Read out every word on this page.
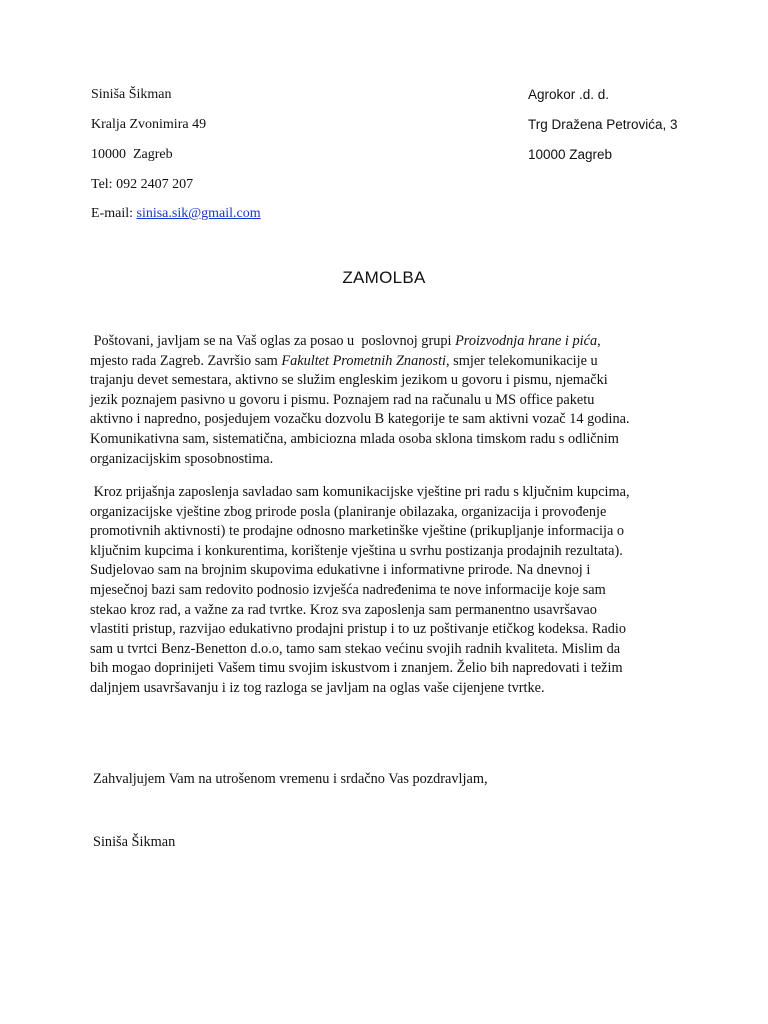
Siniša Šikman
Kralja Zvonimira 49
10000  Zagreb
Tel: 092 2407 207
E-mail: sinisa.sik@gmail.com
Agrokor .d. d.
Trg Dražena Petrovića, 3
10000 Zagreb
ZAMOLBA

Poštovani, javljam se na Vaš oglas za posao u  poslovnoj grupi Proizvodnja hrane i pića,
mjesto rada Zagreb. Završio sam Fakultet Prometnih Znanosti, smjer telekomunikacije u
trajanju devet semestara, aktivno se služim engleskim jezikom u govoru i pismu, njemački
jezik poznajem pasivno u govoru i pismu. Poznajem rad na računalu u MS office paketu
aktivno i napredno, posjedujem vozačku dozvolu B kategorije te sam aktivni vozač 14 godina.
Komunikativna sam, sistematična, ambiciozna mlada osoba sklona timskom radu s odličnim
organizacijskim sposobnostima.

Kroz prijašnja zaposlenja savladao sam komunikacijske vještine pri radu s ključnim kupcima,
organizacijske vještine zbog prirode posla (planiranje obilazaka, organizacija i provođenje
promotivnih aktivnosti) te prodajne odnosno marketinške vještine (prikupljanje informacija o
ključnim kupcima i konkurentima, korištenje vještina u svrhu postizanja prodajnih rezultata).
Sudjelovao sam na brojnim skupovima edukativne i informativne prirode. Na dnevnoj i
mjesečnoj bazi sam redovito podnosio izvješća nadređenima te nove informacije koje sam
stekao kroz rad, a važne za rad tvrtke. Kroz sva zaposlenja sam permanentno usavršavao
vlastiti pristup, razvijao edukativno prodajni pristup i to uz poštivanje etičkog kodeksa. Radio
sam u tvrtci Benz-Benetton d.o.o, tamo sam stekao većinu svojih radnih kvaliteta. Mislim da
bih mogao doprinijeti Vašem timu svojim iskustvom i znanjem. Želio bih napredovati i težim
daljnjem usavršavanju i iz tog razloga se javljam na oglas vaše cijenjene tvrtke.

Zahvaljujem Vam na utrošenom vremenu i srdačno Vas pozdravljam,
Siniša Šikman
